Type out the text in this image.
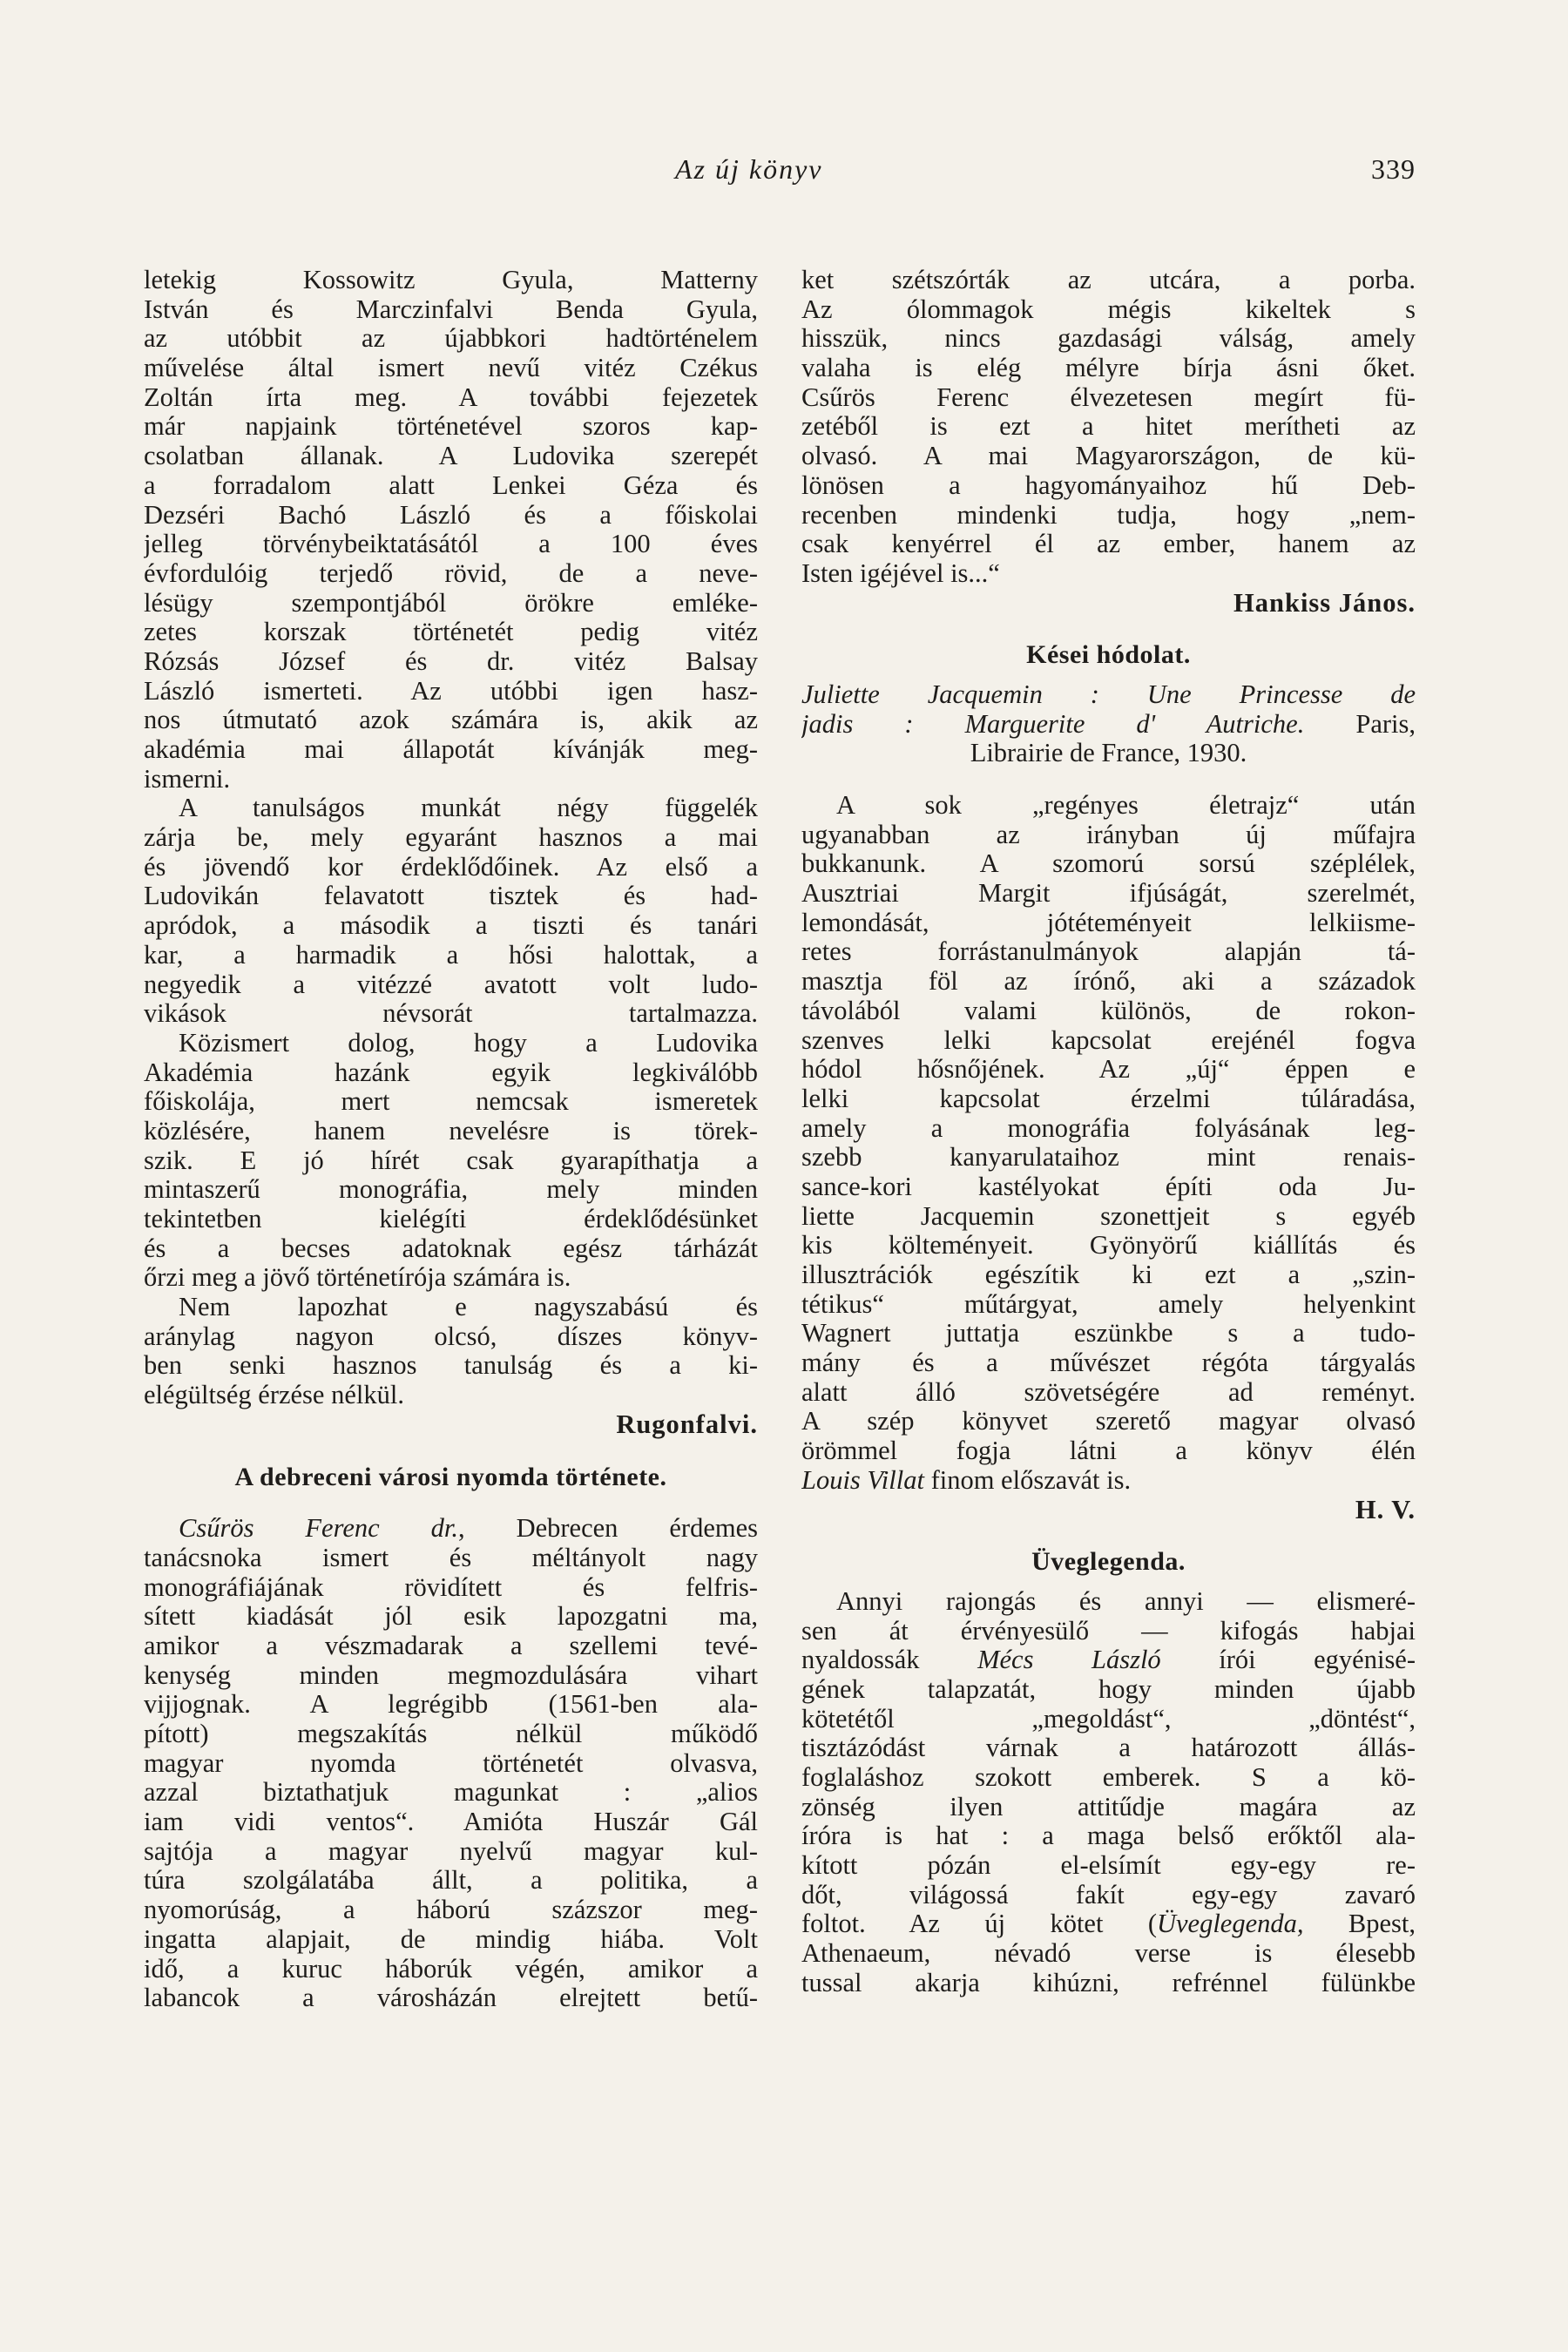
Az új könyv	339
letekig Kossowitz Gyula, Matterny
István és Marczinfalvi Benda Gyula,
az utóbbit az újabbkori hadtörténelem
művelése által ismert nevű vitéz Czékus
Zoltán írta meg. A további fejezetek
már napjaink történetével szoros kap-
csolatban állanak. A Ludovika szerepét
a forradalom alatt Lenkei Géza és
Dezséri Bachó László és a főiskolai
jelleg törvénybeiktatásától a 100 éves
évfordulóig terjedő rövid, de a neve-
lésügy szempontjából örökre emléke-
zetes korszak történetét pedig vitéz
Rózsás József és dr. vitéz Balsay
László ismerteti. Az utóbbi igen hasz-
nos útmutató azok számára is, akik az
akadémia mai állapotát kívánják meg-
ismerni.
A tanulságos munkát négy függelék
zárja be, mely egyaránt hasznos a mai
és jövendő kor érdeklődőinek. Az első a
Ludovikán felavatott tisztek és had-
apródok, a második a tiszti és tanári
kar, a harmadik a hősi halottak, a
negyedik a vitézzé avatott volt ludo-
vikások névsorát tartalmazza.
Közismert dolog, hogy a Ludovika
Akadémia hazánk egyik legkiválóbb
főiskolája, mert nemcsak ismeretek
közlésére, hanem nevelésre is törek-
szik. E jó hírét csak gyarapíthatja a
mintaszerű monográfia, mely minden
tekintetben kielégíti érdeklődésünket
és a becses adatoknak egész tárházát
őrzi meg a jövő történetírója számára is.
Nem lapozhat e nagyszabású és
aránylag nagyon olcsó, díszes könyv-
ben senki hasznos tanulság és a ki-
elégültség érzése nélkül.
Rugonfalvi.
A debreceni városi nyomda története.
Csűrös Ferenc dr., Debrecen érdemes
tanácsnoka ismert és méltányolt nagy
monográfiájának rövidített és felfris-
sített kiadását jól esik lapozgatni ma,
amikor a vészmadarak a szellemi tevé-
kenység minden megmozdulására vihart
vijjognak. A legrégibb (1561-ben ala-
pított) megszakítás nélkül működő
magyar nyomda történetét olvasva,
azzal biztathatjuk magunkat : „alios
iam vidi ventos“. Amióta Huszár Gál
sajtója a magyar nyelvű magyar kul-
túra szolgálatába állt, a politika, a
nyomorúság, a háború százszor meg-
ingatta alapjait, de mindig hiába. Volt
idő, a kuruc háborúk végén, amikor a
labancok a városházán elrejtett betű-
ket szétszórták az utcára, a porba.
Az ólommagok mégis kikeltek s
hisszük, nincs gazdasági válság, amely
valaha is elég mélyre bírja ásni őket.
Csűrös Ferenc élvezetesen megírt fü-
zetéből is ezt a hitet merítheti az
olvasó. A mai Magyarországon, de kü-
lönösen a hagyományaihoz hű Deb-
recenben mindenki tudja, hogy „nem-
csak kenyérrel él az ember, hanem az
Isten igéjével is...“
Hankiss János.
Kései hódolat.
Juliette Jacquemin : Une Princesse de
jadis : Marguerite d' Autriche. Paris,
Librairie de France, 1930.
A sok „regényes életrajz“ után
ugyanabban az irányban új műfajra
bukkanunk. A szomorú sorsú széplélek,
Ausztriai Margit ifjúságát, szerelmét,
lemondását, jótéteményeit lelkiisme-
retes forrástanulmányok alapján tá-
masztja föl az írónő, aki a századok
távolából valami különös, de rokon-
szenves lelki kapcsolat erejénél fogva
hódol hősnőjének. Az „új“ éppen e
lelki kapcsolat érzelmi túláradása,
amely a monográfia folyásának leg-
szebb kanyarulataihoz mint renais-
sance-kori kastélyokat építi oda Ju-
liette Jacquemin szonettjeit s egyéb
kis költeményeit. Gyönyörű kiállítás és
illusztrációk egészítik ki ezt a „szin-
tétikus“ műtárgyat, amely helyenkint
Wagnert juttatja eszünkbe s a tudo-
mány és a művészet régóta tárgyalás
alatt álló szövetségére ad reményt.
A szép könyvet szerető magyar olvasó
örömmel fogja látni a könyv élén
Louis Villat finom előszavát is.
H. V.
Üveglegenda.
Annyi rajongás és annyi — elismeré-
sen át érvényesülő — kifogás habjai
nyaldossák Mécs László írói egyénisé-
gének talapzatát, hogy minden újabb
kötetétől „megoldást“, „döntést“,
tisztázódást várnak a határozott állás-
foglaláshoz szokott emberek. S a kö-
zönség ilyen attitűdje magára az
íróra is hat : a maga belső erőktől ala-
kított pózán el-elsímít egy-egy re-
dőt, világossá fakít egy-egy zavaró
foltot. Az új kötet (Üveglegenda, Bpest,
Athenaeum, névadó verse is élesebb
tussal akarja kihúzni, refrénnel fülünkbe
